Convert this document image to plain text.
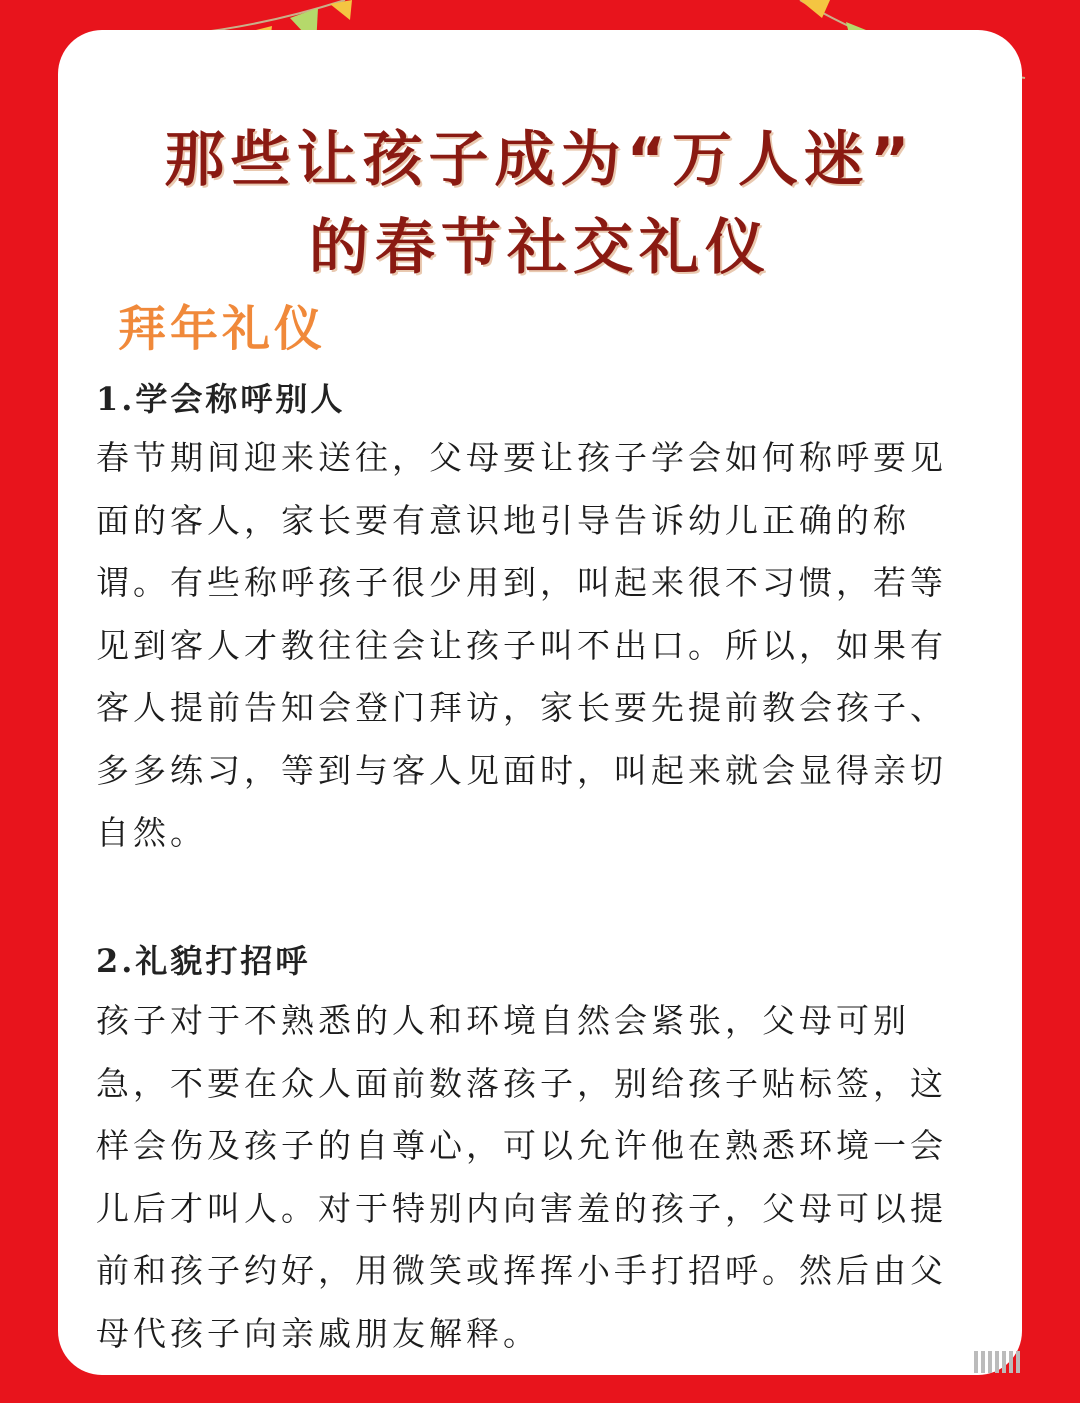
那些让孩子成为“万人迷”
的春节社交礼仪
拜年礼仪
1.学会称呼别人

春节期间迎来送往，父母要让孩子学会如何称呼要见面的客人，家长要有意识地引导告诉幼儿正确的称谓。有些称呼孩子很少用到，叫起来很不习惯，若等见到客人才教往往会让孩子叫不出口。所以，如果有客人提前告知会登门拜访，家长要先提前教会孩子、多多练习，等到与客人见面时，叫起来就会显得亲切自然。

2.礼貌打招呼

孩子对于不熟悉的人和环境自然会紧张，父母可别急，不要在众人面前数落孩子，别给孩子贴标签，这样会伤及孩子的自尊心，可以允许他在熟悉环境一会儿后才叫人。对于特别内向害羞的孩子，父母可以提前和孩子约好，用微笑或挥挥小手打招呼。然后由父母代孩子向亲戚朋友解释。
